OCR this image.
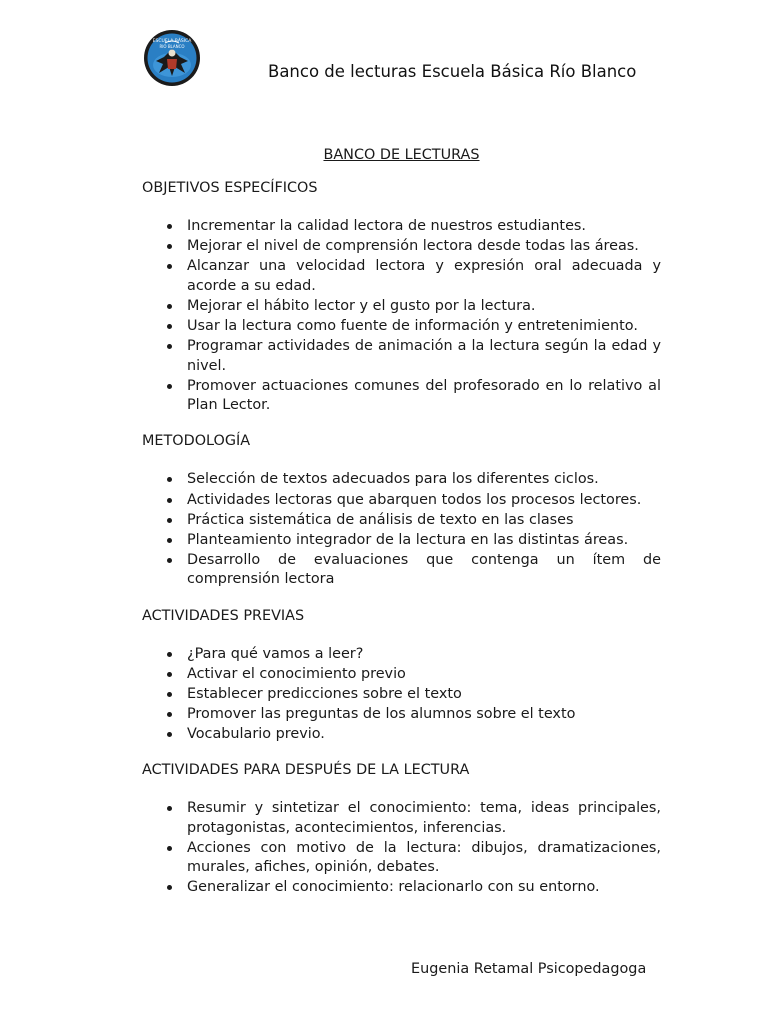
ESCUELA BÁSICA
RIO BLANCO
Banco de lecturas Escuela Básica Río Blanco
BANCO DE LECTURAS
OBJETIVOS ESPECÍFICOS
Incrementar la calidad lectora de nuestros estudiantes.
Mejorar el nivel de comprensión lectora desde todas las áreas.
Alcanzar una velocidad lectora y expresión oral adecuada y acorde a su edad.
Mejorar el hábito lector y el gusto por la lectura.
Usar la lectura como fuente de información y entretenimiento.
Programar actividades de animación a la lectura según la edad y nivel.
Promover actuaciones comunes del profesorado en lo relativo al Plan Lector.
METODOLOGÍA
Selección de textos adecuados para los diferentes ciclos.
Actividades lectoras que abarquen todos los procesos lectores.
Práctica sistemática de análisis de texto en las clases
Planteamiento integrador de la lectura en las distintas áreas.
Desarrollo de evaluaciones que contenga un ítem de comprensión lectora
ACTIVIDADES PREVIAS
¿Para qué vamos a leer?
Activar el conocimiento previo
Establecer predicciones sobre el texto
Promover las preguntas de los alumnos sobre el texto
Vocabulario previo.
ACTIVIDADES PARA DESPUÉS DE LA LECTURA
Resumir y sintetizar el conocimiento: tema, ideas principales, protagonistas, acontecimientos, inferencias.
Acciones con motivo de la lectura: dibujos, dramatizaciones, murales, afiches, opinión, debates.
Generalizar el conocimiento: relacionarlo con su entorno.
Eugenia Retamal Psicopedagoga
